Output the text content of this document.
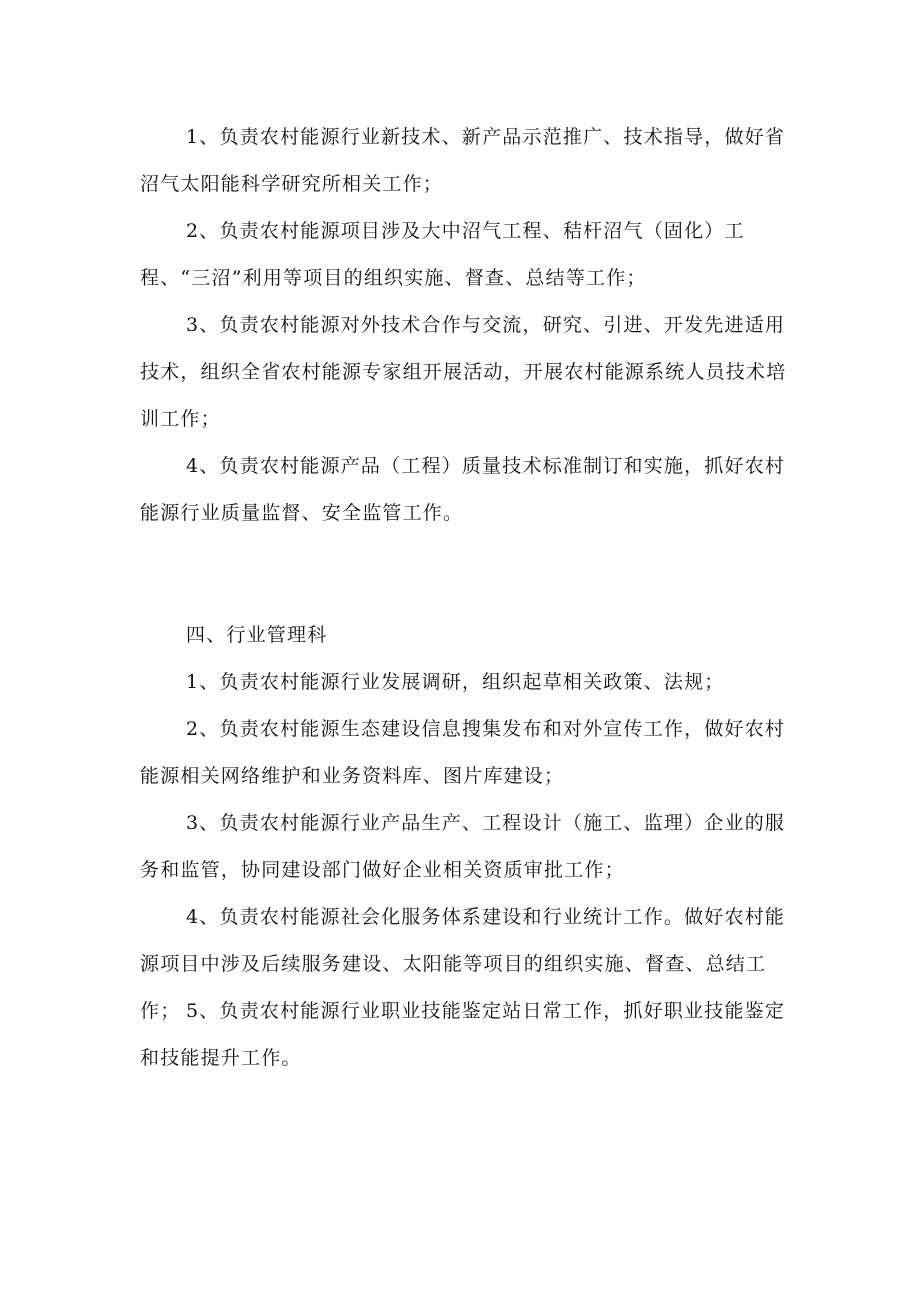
1、负责农村能源行业新技术、新产品示范推广、技术指导，做好省沼气太阳能科学研究所相关工作；

2、负责农村能源项目涉及大中沼气工程、秸杆沼气（固化）工程、“三沼”利用等项目的组织实施、督查、总结等工作；

3、负责农村能源对外技术合作与交流，研究、引进、开发先进适用技术，组织全省农村能源专家组开展活动，开展农村能源系统人员技术培训工作；

4、负责农村能源产品（工程）质量技术标准制订和实施，抓好农村能源行业质量监督、安全监管工作。

四、行业管理科

1、负责农村能源行业发展调研，组织起草相关政策、法规；

2、负责农村能源生态建设信息搜集发布和对外宣传工作，做好农村能源相关网络维护和业务资料库、图片库建设；

3、负责农村能源行业产品生产、工程设计（施工、监理）企业的服务和监管，协同建设部门做好企业相关资质审批工作；

4、负责农村能源社会化服务体系建设和行业统计工作。做好农村能源项目中涉及后续服务建设、太阳能等项目的组织实施、督查、总结工作； 5、负责农村能源行业职业技能鉴定站日常工作，抓好职业技能鉴定和技能提升工作。
